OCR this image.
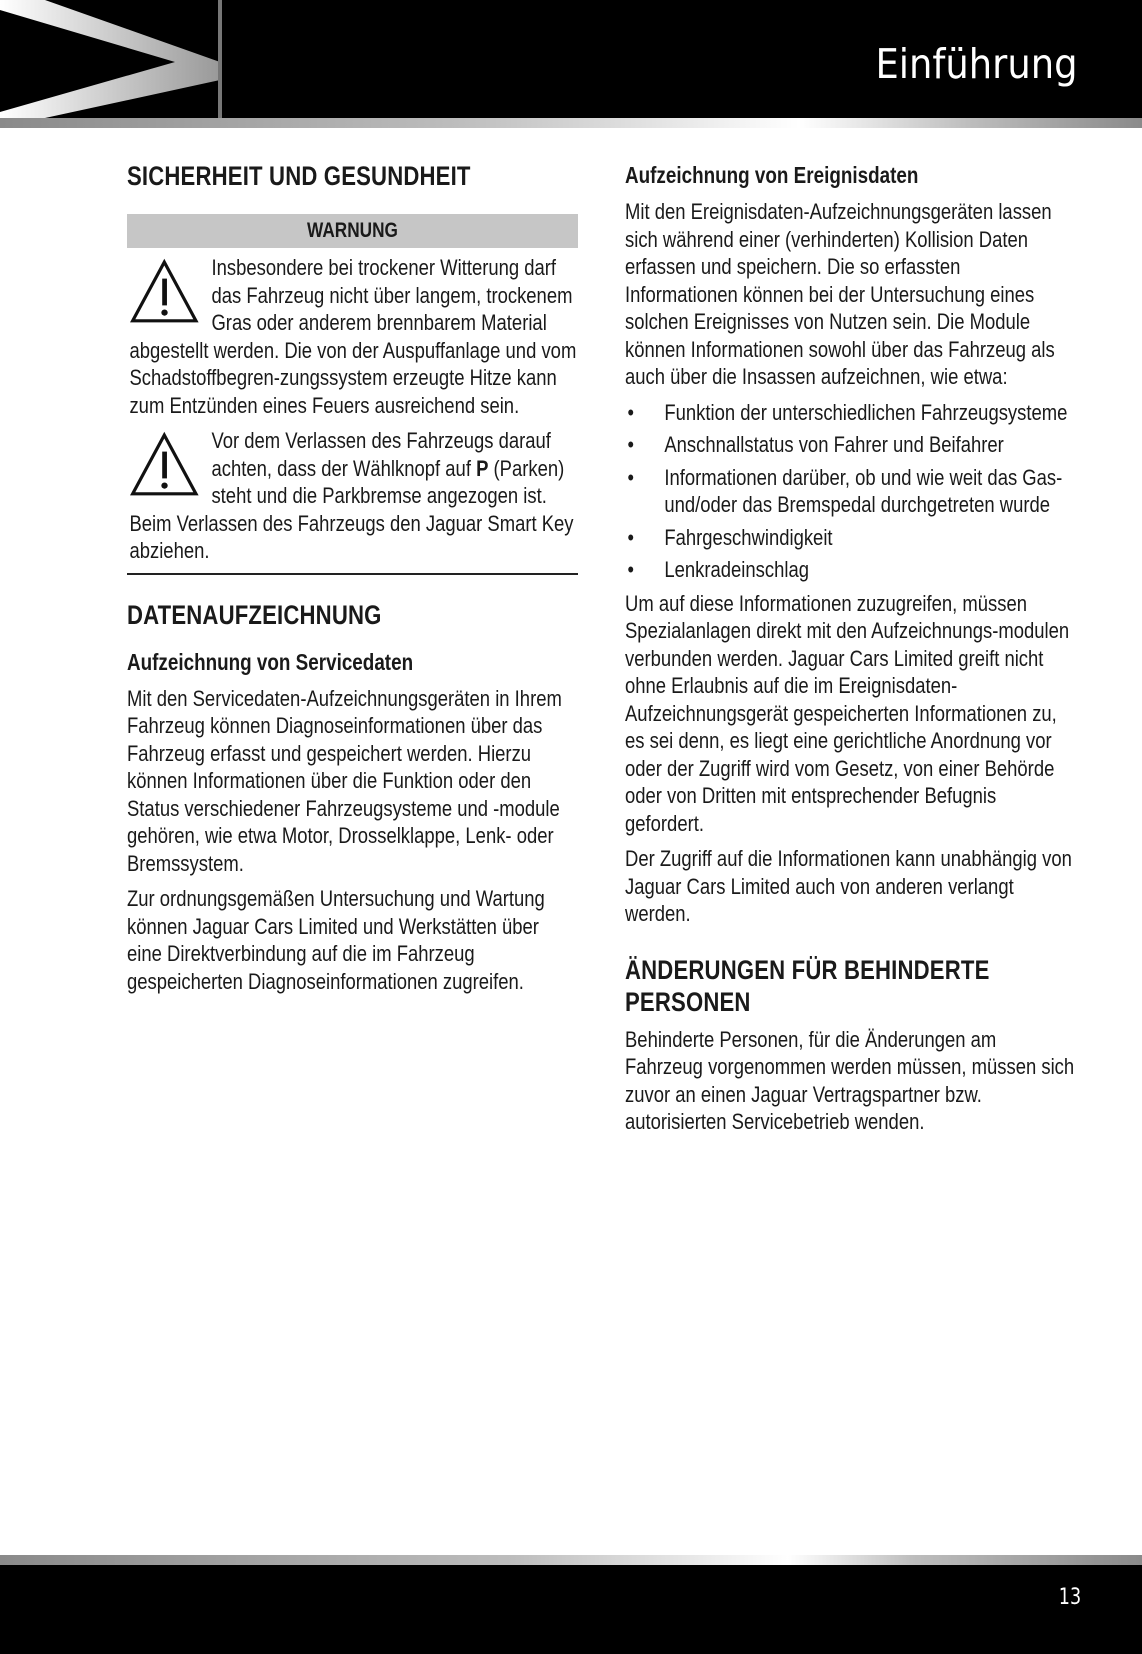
Einführung
SICHERHEIT UND GESUNDHEIT
WARNUNG
Insbesondere bei trockener Witterung darf das Fahrzeug nicht über langem, trockenem Gras oder anderem brennbarem Material abgestellt werden. Die von der Auspuffanlage und vom Schadstoffbegren-zungssystem erzeugte Hitze kann zum Entzünden eines Feuers ausreichend sein.
Vor dem Verlassen des Fahrzeugs darauf achten, dass der Wählknopf auf P (Parken) steht und die Parkbremse angezogen ist. Beim Verlassen des Fahrzeugs den Jaguar Smart Key abziehen.
DATENAUFZEICHNUNG
Aufzeichnung von Servicedaten

Mit den Servicedaten-Aufzeichnungsgeräten in Ihrem Fahrzeug können Diagnoseinformationen über das Fahrzeug erfasst und gespeichert werden. Hierzu können Informationen über die Funktion oder den Status verschiedener Fahrzeugsysteme und -module gehören, wie etwa Motor, Drosselklappe, Lenk- oder Bremssystem.

Zur ordnungsgemäßen Untersuchung und Wartung können Jaguar Cars Limited und Werkstätten über eine Direktverbindung auf die im Fahrzeug gespeicherten Diagnoseinformationen zugreifen.

Aufzeichnung von Ereignisdaten

Mit den Ereignisdaten-Aufzeichnungsgeräten lassen sich während einer (verhinderten) Kollision Daten erfassen und speichern. Die so erfassten Informationen können bei der Untersuchung eines solchen Ereignisses von Nutzen sein. Die Module können Informationen sowohl über das Fahrzeug als auch über die Insassen aufzeichnen, wie etwa:

• Funktion der unterschiedlichen Fahrzeugsysteme
• Anschnallstatus von Fahrer und Beifahrer
• Informationen darüber, ob und wie weit das Gas- und/oder das Bremspedal durchgetreten wurde
• Fahrgeschwindigkeit
• Lenkradeinschlag

Um auf diese Informationen zuzugreifen, müssen Spezialanlagen direkt mit den Aufzeichnungs-modulen verbunden werden. Jaguar Cars Limited greift nicht ohne Erlaubnis auf die im Ereignisdaten-Aufzeichnungsgerät gespeicherten Informationen zu, es sei denn, es liegt eine gerichtliche Anordnung vor oder der Zugriff wird vom Gesetz, von einer Behörde oder von Dritten mit entsprechender Befugnis gefordert.

Der Zugriff auf die Informationen kann unabhängig von Jaguar Cars Limited auch von anderen verlangt werden.

ÄNDERUNGEN FÜR BEHINDERTE PERSONEN

Behinderte Personen, für die Änderungen am Fahrzeug vorgenommen werden müssen, müssen sich zuvor an einen Jaguar Vertragspartner bzw. autorisierten Servicebetrieb wenden.

13
